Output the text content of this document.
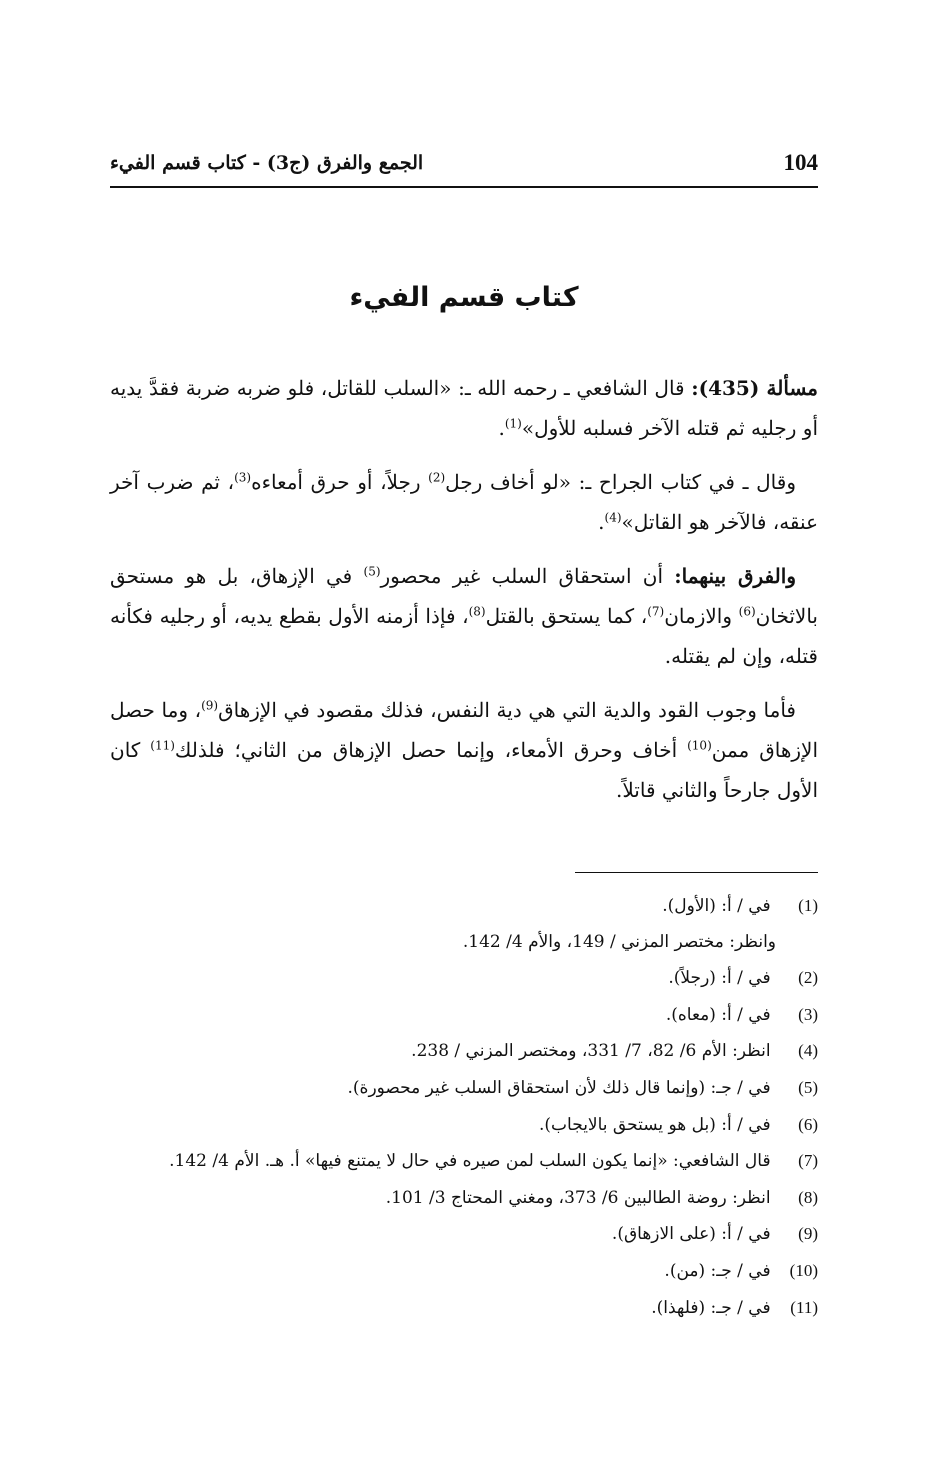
104
الجمع والفرق (ج3) - كتاب قسم الفيء
كتاب قسم الفيء

مسألة (435): قال الشافعي ـ رحمه الله ـ: «السلب للقاتل، فلو ضربه ضربة فقدَّ يديه أو رجليه ثم قتله الآخر فسلبه للأول»$^{(1)}$.

وقال ـ في كتاب الجراح ـ: «لو أخاف رجل$^{(2)}$ رجلاً، أو حرق أمعاءه$^{(3)}$، ثم ضرب آخر عنقه، فالآخر هو القاتل»$^{(4)}$.

والفرق بينهما: أن استحقاق السلب غير محصور$^{(5)}$ في الإزهاق، بل هو مستحق بالاثخان$^{(6)}$ والازمان$^{(7)}$، كما يستحق بالقتل$^{(8)}$، فإذا أزمنه الأول بقطع يديه، أو رجليه فكأنه قتله، وإن لم يقتله.

فأما وجوب القود والدية التي هي دية النفس، فذلك مقصود في الإزهاق$^{(9)}$، وما حصل الإزهاق ممن$^{(10)}$ أخاف وحرق الأمعاء، وإنما حصل الإزهاق من الثاني؛ فلذلك$^{(11)}$ كان الأول جارحاً والثاني قاتلاً.

(1) في / أ: (الأول).
وانظر: مختصر المزني / 149، والأم 4/ 142.
(2) في / أ: (رجلاً).
(3) في / أ: (معاه).
(4) انظر: الأم 6/ 82، 7/ 331، ومختصر المزني / 238.
(5) في / جـ: (وإنما قال ذلك لأن استحقاق السلب غير محصورة).
(6) في / أ: (بل هو يستحق بالايجاب).
(7) قال الشافعي: «إنما يكون السلب لمن صيره في حال لا يمتنع فيها» أ. هـ. الأم 4/ 142.
(8) انظر: روضة الطالبين 6/ 373، ومغني المحتاج 3/ 101.
(9) في / أ: (على الازهاق).
(10) في / جـ: (من).
(11) في / جـ: (فلهذا).
